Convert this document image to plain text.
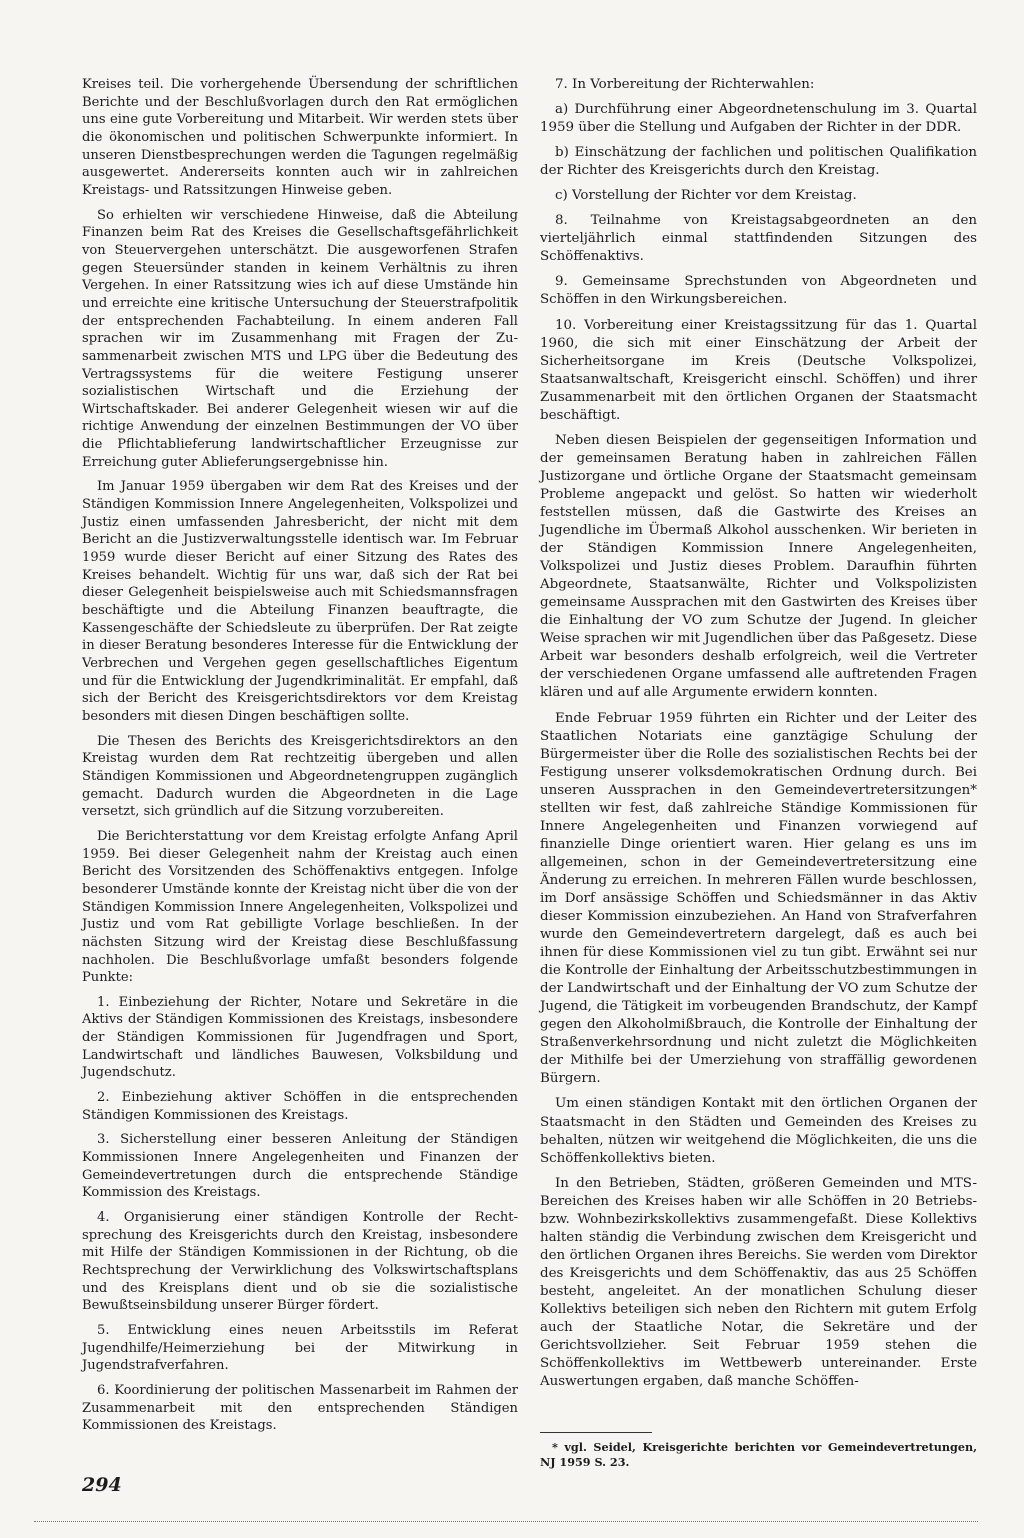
Kreises teil. Die vorhergehende Übersendung der schriftlichen Berichte und der Beschlußvorlagen durch den Rat ermöglichen uns eine gute Vorbereitung und Mitarbeit. Wir werden stets über die ökonomischen und politischen Schwerpunkte informiert. In unseren Dienstbesprechungen werden die Tagungen regelmäßig ausgewertet. Andererseits konnten auch wir in zahlreichen Kreistags- und Ratssitzungen Hinweise geben.

So erhielten wir verschiedene Hinweise, daß die Abteilung Finanzen beim Rat des Kreises die Gesellschaftsgefährlichkeit von Steuervergehen unterschätzt. Die ausgeworfenen Strafen gegen Steuersünder standen in keinem Verhältnis zu ihren Vergehen. In einer Ratssitzung wies ich auf diese Umstände hin und erreichte eine kritische Untersuchung der Steuerstrafpolitik der entsprechenden Fachabteilung. In einem anderen Fall sprachen wir im Zusammenhang mit Fragen der Zusammenarbeit zwischen MTS und LPG über die Bedeutung des Vertragssystems für die weitere Festigung unserer sozialistischen Wirtschaft und die Erziehung der Wirtschaftskader. Bei anderer Gelegenheit wiesen wir auf die richtige Anwendung der einzelnen Bestimmungen der VO über die Pflichtablieferung landwirtschaftlicher Erzeugnisse zur Erreichung guter Ablieferungsergebnisse hin.

Im Januar 1959 übergaben wir dem Rat des Kreises und der Ständigen Kommission Innere Angelegenheiten, Volkspolizei und Justiz einen umfassenden Jahresbericht, der nicht mit dem Bericht an die Justizverwaltungsstelle identisch war. Im Februar 1959 wurde dieser Bericht auf einer Sitzung des Rates des Kreises behandelt. Wichtig für uns war, daß sich der Rat bei dieser Gelegenheit beispielsweise auch mit Schiedsmannsfragen beschäftigte und die Abteilung Finanzen beauftragte, die Kassengeschäfte der Schiedsleute zu überprüfen. Der Rat zeigte in dieser Beratung besonderes Interesse für die Entwicklung der Verbrechen und Vergehen gegen gesellschaftliches Eigentum und für die Entwicklung der Jugendkriminalität. Er empfahl, daß sich der Bericht des Kreisgerichtsdirektors vor dem Kreistag besonders mit diesen Dingen beschäftigen sollte.

Die Thesen des Berichts des Kreisgerichtsdirektors an den Kreistag wurden dem Rat rechtzeitig übergeben und allen Ständigen Kommissionen und Abgeordnetengruppen zugänglich gemacht. Dadurch wurden die Abgeordneten in die Lage versetzt, sich gründlich auf die Sitzung vorzubereiten.

Die Berichterstattung vor dem Kreistag erfolgte Anfang April 1959. Bei dieser Gelegenheit nahm der Kreistag auch einen Bericht des Vorsitzenden des Schöffenaktivs entgegen. Infolge besonderer Umstände konnte der Kreistag nicht über die von der Ständigen Kommission Innere Angelegenheiten, Volkspolizei und Justiz und vom Rat gebilligte Vorlage beschließen. In der nächsten Sitzung wird der Kreistag diese Beschlußfassung nachholen. Die Beschlußvorlage umfaßt besonders folgende Punkte:

1. Einbeziehung der Richter, Notare und Sekretäre in die Aktivs der Ständigen Kommissionen des Kreistags, insbesondere der Ständigen Kommissionen für Jugendfragen und Sport, Landwirtschaft und ländliches Bauwesen, Volksbildung und Jugendschutz.

2. Einbeziehung aktiver Schöffen in die entsprechenden Ständigen Kommissionen des Kreistags.

3. Sicherstellung einer besseren Anleitung der Ständigen Kommissionen Innere Angelegenheiten und Finanzen der Gemeindevertretungen durch die entsprechende Ständige Kommission des Kreistags.

4. Organisierung einer ständigen Kontrolle der Rechtsprechung des Kreisgerichts durch den Kreistag, insbesondere mit Hilfe der Ständigen Kommissionen in der Richtung, ob die Rechtsprechung der Verwirklichung des Volkswirtschaftsplans und des Kreisplans dient und ob sie die sozialistische Bewußtseinsbildung unserer Bürger fördert.

5. Entwicklung eines neuen Arbeitsstils im Referat Jugendhilfe/Heimerziehung bei der Mitwirkung in Jugendstrafverfahren.

6. Koordinierung der politischen Massenarbeit im Rahmen der Zusammenarbeit mit den entsprechenden Ständigen Kommissionen des Kreistags.

7. In Vorbereitung der Richterwahlen:

a) Durchführung einer Abgeordnetenschulung im 3. Quartal 1959 über die Stellung und Aufgaben der Richter in der DDR.

b) Einschätzung der fachlichen und politischen Qualifikation der Richter des Kreisgerichts durch den Kreistag.

c) Vorstellung der Richter vor dem Kreistag.

8. Teilnahme von Kreistagsabgeordneten an den vierteljährlich einmal stattfindenden Sitzungen des Schöffenaktivs.

9. Gemeinsame Sprechstunden von Abgeordneten und Schöffen in den Wirkungsbereichen.

10. Vorbereitung einer Kreistagssitzung für das 1. Quartal 1960, die sich mit einer Einschätzung der Arbeit der Sicherheitsorgane im Kreis (Deutsche Volkspolizei, Staatsanwaltschaft, Kreisgericht einschl. Schöffen) und ihrer Zusammenarbeit mit den örtlichen Organen der Staatsmacht beschäftigt.

Neben diesen Beispielen der gegenseitigen Information und der gemeinsamen Beratung haben in zahlreichen Fällen Justizorgane und örtliche Organe der Staatsmacht gemeinsam Probleme angepackt und gelöst. So hatten wir wiederholt feststellen müssen, daß die Gastwirte des Kreises an Jugendliche im Übermaß Alkohol ausschenken. Wir berieten in der Ständigen Kommission Innere Angelegenheiten, Volkspolizei und Justiz dieses Problem. Daraufhin führten Abgeordnete, Staatsanwälte, Richter und Volkspolizisten gemeinsame Aussprachen mit den Gastwirten des Kreises über die Einhaltung der VO zum Schutze der Jugend. In gleicher Weise sprachen wir mit Jugendlichen über das Paßgesetz. Diese Arbeit war besonders deshalb erfolgreich, weil die Vertreter der verschiedenen Organe umfassend alle auftretenden Fragen klären und auf alle Argumente erwidern konnten.

Ende Februar 1959 führten ein Richter und der Leiter des Staatlichen Notariats eine ganztägige Schulung der Bürgermeister über die Rolle des sozialistischen Rechts bei der Festigung unserer volksdemokratischen Ordnung durch. Bei unseren Aussprachen in den Gemeindevertretersitzungen* stellten wir fest, daß zahlreiche Ständige Kommissionen für Innere Angelegenheiten und Finanzen vorwiegend auf finanzielle Dinge orientiert waren. Hier gelang es uns im allgemeinen, schon in der Gemeindevertretersitzung eine Änderung zu erreichen. In mehreren Fällen wurde beschlossen, im Dorf ansässige Schöffen und Schiedsmänner in das Aktiv dieser Kommission einzubeziehen. An Hand von Strafverfahren wurde den Gemeindevertretern dargelegt, daß es auch bei ihnen für diese Kommissionen viel zu tun gibt. Erwähnt sei nur die Kontrolle der Einhaltung der Arbeitsschutzbestimmungen in der Landwirtschaft und der Einhaltung der VO zum Schutze der Jugend, die Tätigkeit im vorbeugenden Brandschutz, der Kampf gegen den Alkoholmißbrauch, die Kontrolle der Einhaltung der Straßenverkehrsordnung und nicht zuletzt die Möglichkeiten der Mithilfe bei der Umerziehung von straffällig gewordenen Bürgern.

Um einen ständigen Kontakt mit den örtlichen Organen der Staatsmacht in den Städten und Gemeinden des Kreises zu behalten, nützen wir weitgehend die Möglichkeiten, die uns die Schöffenkollektivs bieten.

In den Betrieben, Städten, größeren Gemeinden und MTS-Bereichen des Kreises haben wir alle Schöffen in 20 Betriebs- bzw. Wohnbezirkskollektivs zusammengefaßt. Diese Kollektivs halten ständig die Verbindung zwischen dem Kreisgericht und den örtlichen Organen ihres Bereichs. Sie werden vom Direktor des Kreisgerichts und dem Schöffenaktiv, das aus 25 Schöffen besteht, angeleitet. An der monatlichen Schulung dieser Kollektivs beteiligen sich neben den Richtern mit gutem Erfolg auch der Staatliche Notar, die Sekretäre und der Gerichtsvollzieher. Seit Februar 1959 stehen die Schöffenkollektivs im Wettbewerb untereinander. Erste Auswertungen ergaben, daß manche Schöffen-

* vgl. Seidel, Kreisgerichte berichten vor Gemeindevertretungen, NJ 1959 S. 23.

294
